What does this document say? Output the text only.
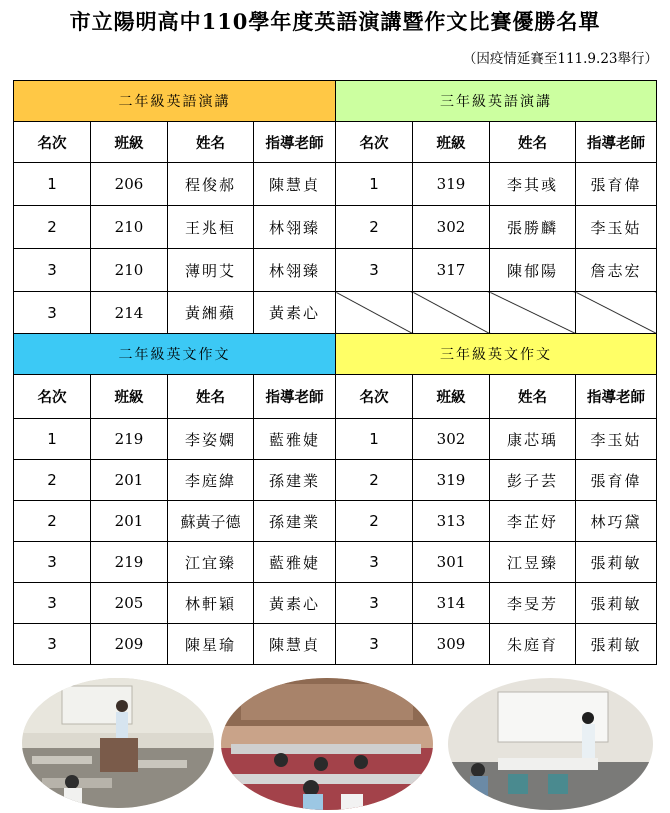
市立陽明高中110學年度英語演講暨作文比賽優勝名單
（因疫情延賽至111.9.23舉行）
二年級英語演講				三年級英語演講			
名次	班級	姓名	指導老師	名次	班級	姓名	指導老師
1	206	程俊郝	陳慧貞	1	319	李其彧	張育偉
2	210	王兆桓	林翎臻	2	302	張勝麟	李玉姑
3	210	薄明艾	林翎臻	3	317	陳郁陽	詹志宏
3	214	黃緗蘋	黃素心				
二年級英文作文				三年級英文作文			
名次	班級	姓名	指導老師	名次	班級	姓名	指導老師
1	219	李姿嫻	藍雅婕	1	302	康芯瑀	李玉姑
2	201	李庭緯	孫建業	2	319	彭子芸	張育偉
2	201	蘇黃子德	孫建業	2	313	李芷妤	林巧黛
3	219	江宜臻	藍雅婕	3	301	江昱臻	張莉敏
3	205	林軒穎	黃素心	3	314	李旻芳	張莉敏
3	209	陳星瑜	陳慧貞	3	309	朱庭育	張莉敏
